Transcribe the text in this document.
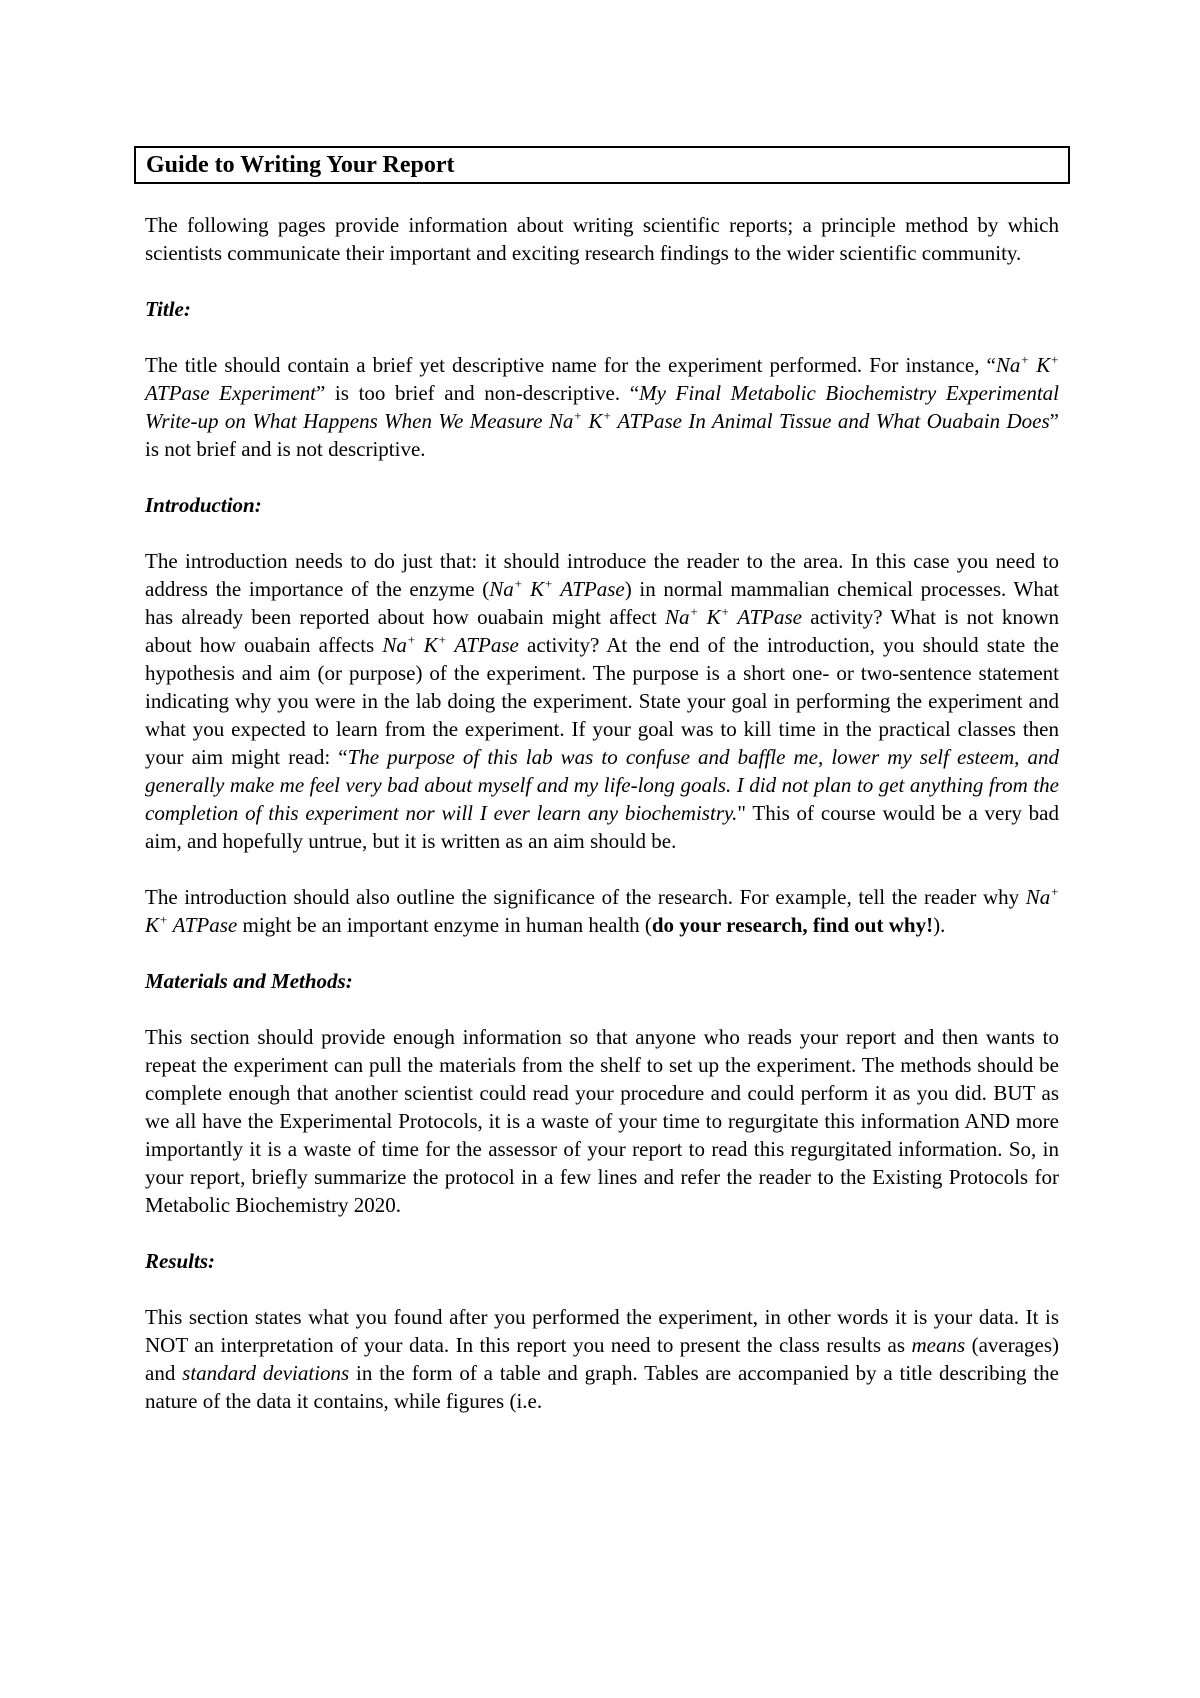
Guide to Writing Your Report

The following pages provide information about writing scientific reports; a principle method by which scientists communicate their important and exciting research findings to the wider scientific community.

Title:

The title should contain a brief yet descriptive name for the experiment performed. For instance, “Na+ K+ ATPase Experiment” is too brief and non-descriptive. “My Final Metabolic Biochemistry Experimental Write-up on What Happens When We Measure Na+ K+ ATPase In Animal Tissue and What Ouabain Does” is not brief and is not descriptive.

Introduction:

The introduction needs to do just that: it should introduce the reader to the area. In this case you need to address the importance of the enzyme (Na+ K+ ATPase) in normal mammalian chemical processes. What has already been reported about how ouabain might affect Na+ K+ ATPase activity? What is not known about how ouabain affects Na+ K+ ATPase activity? At the end of the introduction, you should state the hypothesis and aim (or purpose) of the experiment. The purpose is a short one- or two-sentence statement indicating why you were in the lab doing the experiment. State your goal in performing the experiment and what you expected to learn from the experiment. If your goal was to kill time in the practical classes then your aim might read: “The purpose of this lab was to confuse and baffle me, lower my self esteem, and generally make me feel very bad about myself and my life-long goals. I did not plan to get anything from the completion of this experiment nor will I ever learn any biochemistry." This of course would be a very bad aim, and hopefully untrue, but it is written as an aim should be.

The introduction should also outline the significance of the research. For example, tell the reader why Na+ K+ ATPase might be an important enzyme in human health (do your research, find out why!).

Materials and Methods:

This section should provide enough information so that anyone who reads your report and then wants to repeat the experiment can pull the materials from the shelf to set up the experiment. The methods should be complete enough that another scientist could read your procedure and could perform it as you did. BUT as we all have the Experimental Protocols, it is a waste of your time to regurgitate this information AND more importantly it is a waste of time for the assessor of your report to read this regurgitated information. So, in your report, briefly summarize the protocol in a few lines and refer the reader to the Existing Protocols for Metabolic Biochemistry 2020.

Results:

This section states what you found after you performed the experiment, in other words it is your data. It is NOT an interpretation of your data. In this report you need to present the class results as means (averages) and standard deviations in the form of a table and graph. Tables are accompanied by a title describing the nature of the data it contains, while figures (i.e.
